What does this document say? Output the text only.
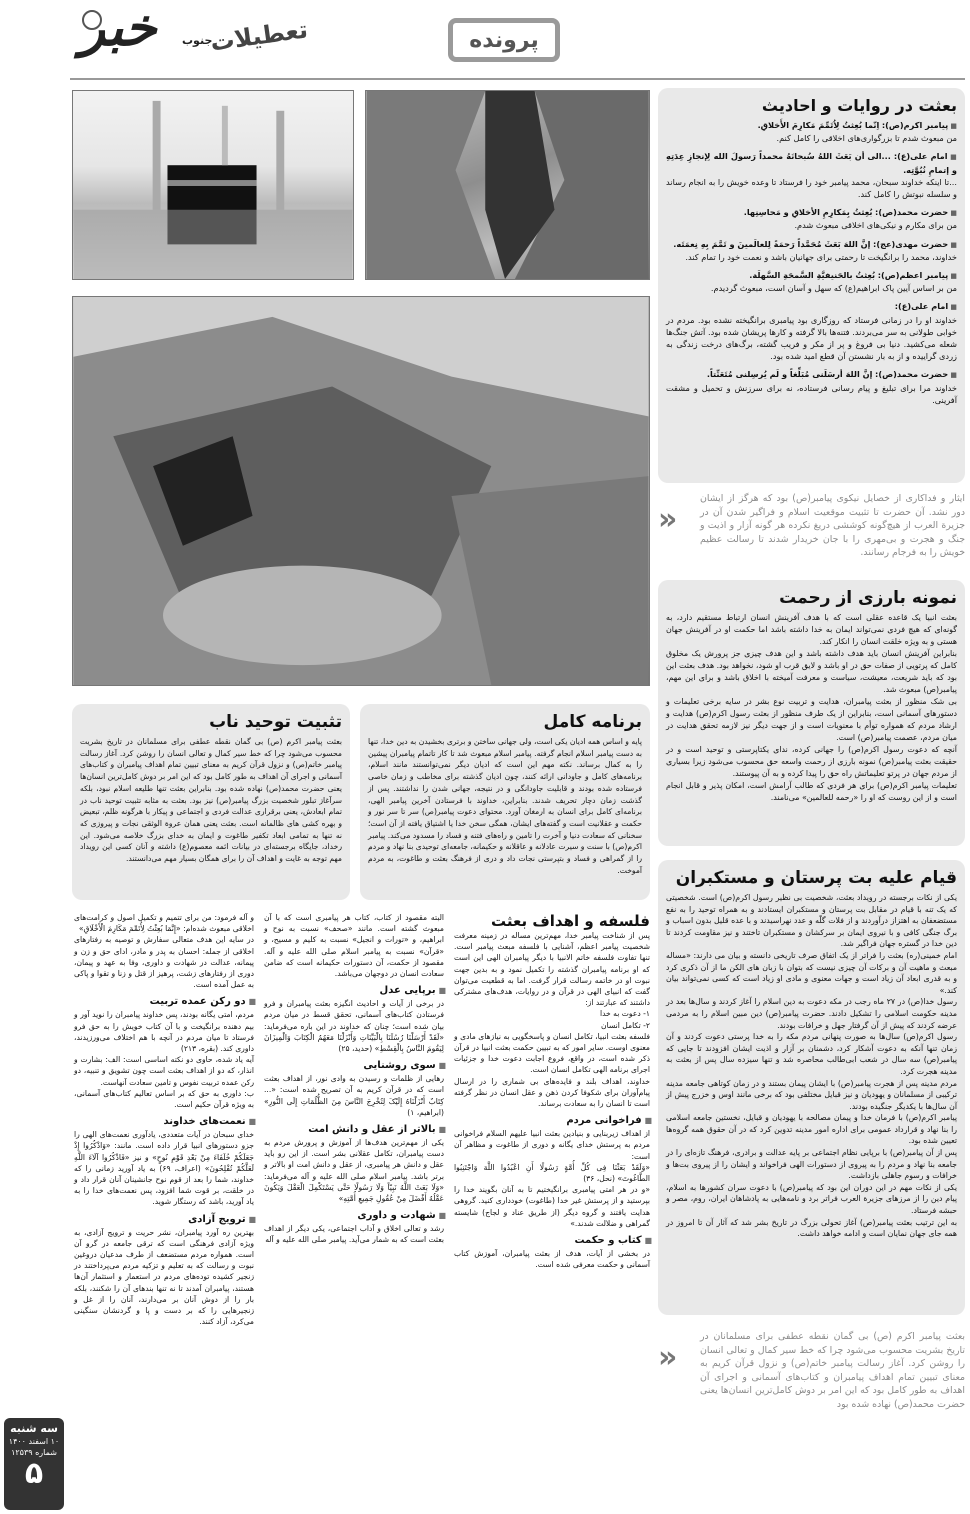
خبر جنوب
تعطیلات	پرونده
بعثت در روایات و احادیث
■ پیامبر اکرم(ص): اِنّما بُعِثتُ لِاُتَمِّمَ مَکارِمَ الأَخلاقِ.
من مبعوث شدم تا بزرگواری‌های اخلاقی را کامل کنم.
■ امام علی(ع): ...الی أن بَعَثَ اللهُ سُبحانَهُ محمداً رَسولَ الله لِإنجازِ عِدَتِهِ و إتمامِ نُبُوَّتِه.
...تا اینکه خداوند سبحان، محمد پیامبر خود را فرستاد تا وعده خویش را به انجام رساند و سلسله نبوتش را کامل کند.
■ حضرت محمد(ص): بُعِثتُ بِمَکارِمِ الأخلاقِ و مَحاسِنِها.
من برای مکارم و نیکی‌های اخلاقی مبعوث شدم.
■ حضرت مهدی(عج): إنَّ اللهَ بَعَثَ مُحَمَّداً رَحمَةً لِلعالَمینَ و تَمَّمَ بِهِ نِعمَتَه.
خداوند، محمد را برانگیخت تا رحمتی برای جهانیان باشد و نعمت خود را تمام کند.
■ پیامبر اعظم(ص): بُعِثتُ بالحَنیفیَّةِ السَّمحَةِ السَّهلَة.
من بر اساس آیین پاک ابراهیم(ع) که سهل و آسان است، مبعوث گردیدم.
■ امام علی(ع):
خداوند او را در زمانی فرستاد که روزگاری بود پیامبری برانگیخته نشده بود. مردم در خوابی طولانی به سر می‌بردند. فتنه‌ها بالا گرفته و کارها پریشان شده بود. آتش جنگ‌ها شعله می‌کشید. دنیا بی فروغ و پر از مکر و فریب گشته، برگ‌های درخت زندگی به زردی گراییده و از به بار نشستن آن قطع امید شده بود.
■ حضرت محمد(ص): إنَّ اللهَ أرسَلَنی مُبَلِّغاً و لَم یُرسِلنی مُتَعَنِّتاً.
خداوند مرا برای تبلیغ و پیام رسانی فرستاده، نه برای سرزنش و تحمیل و مشقت آفرینی.
«
ایثار و فداکاری از خصایل نیکوی پیامبر(ص) بود که هرگز از ایشان دور نشد. آن حضرت تا تثبیت موقعیت اسلام و فراگیر شدن آن در جزیرة العرب از هیچ‌گونه کوششی دریغ نکرده هر گونه آزار و اذیت و جنگ و هجرت و بی‌مهری را با جان خریدار شدند تا رسالت عظیم خویش را به فرجام رسانند.
نمونه بارزی از رحمت

بعثت انبیا یک قاعده عقلی است که با هدف آفرینش انسان ارتباط مستقیم دارد، به گونه‌ای که هیچ فردی نمی‌تواند ایمان به خدا داشته باشد اما حکمت او در آفرینش جهان هستی و به ویژه خلقت انسان را انکار کند.
بنابراین آفرینش انسان باید هدف داشته باشد و این هدف چیزی جز پرورش یک مخلوق کامل که پرتویی از صفات حق در او باشد و لایق قرب او شود، نخواهد بود. هدف بعثت این بود که باید شریعت، معیشت، سیاست و معرفت آمیخته با اخلاق باشد و برای این مهم، پیامبر(ص) مبعوث شد.
بی شک منظور از بعثت پیامبران، هدایت و تربیت نوع بشر در سایه برخی تعلیمات و دستورهای آسمانی است، بنابراین از یک طرف منظور از بعثت رسول اکرم(ص) هدایت و ارشاد مردم که همواره توأم با معنویات است و از جهت دیگر نیز لازمه تحقق هدایت در میان مردم، عصمت پیامبر(ص) است.
آنچه که دعوت رسول اکرم(ص) را جهانی کرده، ندای یکتاپرستی و توحید است و در حقیقت بعثت پیامبر(ص) نمونه بارزی از رحمت واسعه حق محسوب می‌شود زیرا بسیاری از مردم جهان در پرتو تعلیماتش راه حق را پیدا کرده و به آن پیوستند.
تعلیمات پیامبر اکرم(ص) برای هر فردی که طالب آرامش است، امکان پذیر و قابل انجام است و از این روست که او را «رحمه للعالمین» می‌نامند.

تثبیت توحید ناب

بعثت پیامبر اکرم (ص) بی گمان نقطه عطفی برای مسلمانان در تاریخ بشریت محسوب می‌شود چرا که خط سیر کمال و تعالی انسان را روشن کرد. آغاز رسالت پیامبر خاتم(ص) و نزول قرآن کریم به معنای تبیین تمام اهداف پیامبران و کتاب‌های آسمانی و اجرای آن اهداف به طور کامل بود که این امر بر دوش کامل‌ترین انسان‌ها یعنی حضرت محمد(ص) نهاده شده بود. بنابراین بعثت تنها طلیعه اسلام نبود، بلکه سرآغاز تبلور شخصیت بزرگ پیامبر(ص) نیز بود. بعثت به مثابه تثبیت توحید ناب در تمام ابعادش، یعنی برقراری عدالت فردی و اجتماعی و پیکار با هرگونه ظلم، تبعیض و بهره کشی های ظالمانه است. بعثت یعنی همان عروة الوثقی نجات و پیروزی که نه تنها به تمامی ابعاد تکفیر طاغوت و ایمان به خدای بزرگ خلاصه می‌شود. این رخداد، جایگاه برجسته‌ای در بیانات ائمه معصوم(ع) داشته و آنان کسی این رویداد مهم توجه به غایت و اهداف آن را برای همگان بسیار مهم می‌دانستند.

برنامه کامل

پایه و اساس همه ادیان یکی است، ولی جهانی ساختن و برتری بخشیدن به دین خدا، تنها به دست پیامبر اسلام انجام گرفته. پیامبر اسلام مبعوث شد تا کار تاتمام پیامبران پیشین را به کمال برساند. نکته مهم این است که ادیان دیگر نمی‌توانستند مانند اسلام، برنامه‌های کامل و جاودانی ارائه کنند، چون ادیان گذشته برای مخاطب و زمان خاصی فرستاده شده بودند و قابلیت جاودانگی و در نتیجه، جهانی شدن را نداشتند. پس از گذشت زمان دچار تحریف شدند. بنابراین، خداوند با فرستادن آخرین پیامبر الهی، برنامه‌ای کامل برای انسان به ارمغان آورد. محتوای دعوت پیامبر(ص) سر تا سر نور و حکمت و عقلانیت است و گفته‌های ایشان، همگی سخن خدا یا اشتیاق یافته از آن است؛ سخنانی که سعادت دنیا و آخرت را تامین و راه‌های فتنه و فساد را مسدود می‌کند. پیامبر اکرم(ص) با سنت و سیرت عادلانه و عاقلانه و حکیمانه، جامعه‌ای توحیدی بنا نهاد و مردم را از گمراهی و فساد و بتپرستی نجات داد و دری از فرهنگ بعثت و طاغوت، به مردم آموخت.	قیام علیه بت پرستان و مستکبران

یکی از نکات برجسته در رویداد بعثت، شخصیت بی نظیر رسول اکرم(ص) است. شخصیتی که یک تنه با قیام در مقابل بت پرستان و مستکبران ایستادند و به همراه توحید را به نفع مستضعفان به اهتزاز درآوردند و از فلات گلّه و عدد نهراسیدند و با عده قلیل بدون اسباب و برگ جنگی کافی و با نیروی ایمان بر سرکشان و مستکبران تاختند و نیز مقاومت کردند تا دین خدا در گستره جهان فراگیر شد.
امام خمینی(ره) بعثت را فراتر از یک اتفاق صرف تاریخی دانسته و بیان می دارند: «مساله مبعث و ماهیت آن و برکات آن چیزی نیست که بتوان با زبان های الکن ما از آن ذکری کرد و به قدری ابعاد آن زیاد است و جهات معنوی و مادی او زیاد است که کسی نمی‌تواند بیان کند.»
رسول خدا(ص) در ۲۷ ماه رجب در مکه دعوت به دین اسلام را آغاز کردند و سال‌ها بعد در مدینه حکومت اسلامی را تشکیل دادند. حضرت پیامبر(ص) دین مبین اسلام را به مردمی عرضه کردند که پیش از آن گرفتار جهل و خرافات بودند.
رسول اکرم(ص) سال‌ها به صورت پنهانی مردم مکه را به خدا پرستی دعوت کردند و آن زمان تنها آنکه به دعوت آشکار کرد، دشمنان بر آزار و اذیت ایشان افزودند تا جایی که پیامبر(ص) سه سال در شعب ابی‌طالب محاصره شد و تنها سیزده سال پس از بعثت به مدینه هجرت کرد.
مردم مدینه پس از هجرت پیامبر(ص) با ایشان پیمان بستند و در زمان کوتاهی جامعه مدینه ترکیبی از مسلمانان و یهودیان و نیز قبایل مختلفی بود که برخی مانند اوس و خزرج پیش از آن سال‌ها با یکدیگر جنگیده بودند.
پیامبر اکرم(ص) با فرمان خدا و پیمان مصالحه با یهودیان و قبایل، نخستین جامعه اسلامی را بنا نهاد و قرارداد عمومی برای اداره امور مدینه تدوین کرد که در آن حقوق همه گروه‌ها تعیین شده بود.
پس از آن پیامبر(ص) با برپایی نظام اجتماعی بر پایه عدالت و برادری، فرهنگ تازه‌ای را در جامعه بنا نهاد و مردم را به پیروی از دستورات الهی فراخواند و ایشان را از پیروی بت‌ها و خرافات و رسوم جاهلی بازداشت.
یکی از نکات مهم در این دوران این بود که پیامبر(ص) با دعوت سران کشورها به اسلام، پیام دین را از مرزهای جزیرة العرب فراتر برد و نامه‌هایی به پادشاهان ایران، روم، مصر و حبشه فرستاد.
به این ترتیب بعثت پیامبر(ص) آغاز تحولی بزرگ در تاریخ بشر شد که آثار آن تا امروز در همه جای جهان نمایان است و ادامه خواهد داشت.

«
بعثت پیامبر اکرم (ص) بی گمان نقطه عطفی برای مسلمانان در تاریخ بشریت محسوب می‌شود چرا که خط سیر کمال و تعالی انسان را روشن کرد. آغاز رسالت پیامبر خاتم(ص) و نزول قرآن کریم به معنای تبیین تمام اهداف پیامبران و کتاب‌های آسمانی و اجرای آن اهداف به طور کامل بود که این امر بر دوش کامل‌ترین انسان‌ها یعنی حضرت محمد(ص) نهاده شده بود
فلسفه و اهداف بعثت

پس از شناخت پیامبر خدا، مهم‌ترین مساله در زمینه معرفت شخصیت پیامبر اعظم، آشنایی با فلسفه مبعث پیامبر است. تنها تفاوت فلسفه خاتم الانبیا با دیگر پیامبران الهی این است که او برنامه پیامبران گذشته را تکمیل نمود و به بدین جهت نبوت او در خاتمه رسالت قرار گرفت. اما به قطعیت می‌توان گفت که انبیای الهی در قرآن و در روایات، هدف‌های مشترکی داشتند که عبارتند از:
۱- دعوت به خدا
۲- تکامل انسان
فلسفه بعثت انبیا، تکامل انسان و پاسخگویی به نیازهای مادی و معنوی اوست. سایر امور که به تبیین حکمت بعثت انبیا در قرآن ذکر شده است، در واقع، فروع اجابت دعوت خدا و جزئیات اجرای برنامه الهی تکامل انسان است.
خداوند، اهداف بلند و فایده‌های بی شماری را در ارسال پیام‌آوران برای شکوفا کردن ذهن و عقل انسان در نظر گرفته است تا انسان را به سعادت برساند.

■ فراخوانی مردم

از اهداف زیربنایی و بنیادین بعثت انبیا علیهم السلام فراخوانی مردم به پرستش خدای یگانه و دوری از طاغوت و مظاهر آن است:
«وَلَقَدْ بَعَثْنَا فِی کُلِّ أُمَّةٍ رَسُولًا أَنِ اعْبُدُوا اللَّهَ وَاجْتَنِبُوا الطَّاغُوتَ» (نحل، ۳۶)
«و در هر امتی پیامبری برانگیختیم تا به آنان بگویند خدا را بپرستید و از پرستش غیر خدا (طاغوت) خودداری کنید. گروهی هدایت یافتند و گروه دیگر (از طریق عناد و لجاج) شایسته گمراهی و ضلالت شدند.»

■ کتاب و حکمت

در بخشی از آیات، هدف از بعثت پیامبران، آموزش کتاب آسمانی و حکمت معرفی شده است.

البته مقصود از کتاب، کتاب هر پیامبری است که با آن مبعوث گشته است. مانند «صحف» نسبت به نوح و ابراهیم، و «تورات و انجیل» نسبت به کلیم و مسیح، و «قرآن» نسبت به پیامبر اسلام صلی الله علیه و آله. مقصود از حکمت، آن دستورات حکیمانه است که ضامن سعادت انسان در دوجهان می‌باشد.

■ برپایی عدل

در برخی از آیات و احادیث انگیزه بعثت پیامبران و فرو فرستادن کتاب‌های آسمانی، تحقق قسط در میان مردم بیان شده است؛ چنان که خداوند در این باره می‌فرماید: «لَقَدْ أَرْسَلْنَا رُسُلَنَا بِالْبَیِّنَاتِ وَأَنْزَلْنَا مَعَهُمُ الْکِتَابَ وَالْمِیزَانَ لِیَقُومَ النَّاسُ بِالْقِسْطِ» (حدید، ۲۵)

■ سوی روشنایی

رهایی از ظلمات و رسیدن به وادی نور، از اهداف بعثت است که در قرآن کریم به آن تصریح شده است: «... کِتَابٌ أَنْزَلْنَاهُ إِلَیْکَ لِتُخْرِجَ النَّاسَ مِنَ الظُّلُمَاتِ إِلَى النُّورِ» (ابراهیم، ۱)

■ بالاتر از عقل و دانش امت

یکی از مهم‌ترین هدف‌ها از آموزش و پرورش مردم به دست پیامبران، تکامل عقلانی بشر است. از این رو باید عقل و دانش هر پیامبری، از عقل و دانش امت او بالاتر و برتر باشد. پیامبر اسلام صلی الله علیه و آله می‌فرماید: «وَلَا بَعَثَ اللَّهُ نَبِیّاً وَلَا رَسُولًا حَتَّى یَسْتَکْمِلَ الْعَقْلَ وَیَکُونَ عَقْلُهُ أَفْضَلَ مِنْ عُقُولِ جَمِیعِ أُمَّتِهِ»

■ شهادت و داوری

رشد و تعالی اخلاق و آداب اجتماعی، یکی دیگر از اهداف بعثت است که به شمار می‌آید. پیامبر صلی الله علیه و آله

و آله فرمود: من برای تتمیم و تکمیل اصول و کرامت‌های اخلاقی مبعوث شده‌ام: «إِنَّمَا بُعِثْتُ لِأُتَمِّمَ مَکَارِمَ الْأَخْلَاقِ»
در سایه این هدف متعالی سفارش و توصیه به رفتارهای اخلاقی از جمله: احسان به پدر و مادر، ادای حق و زن و پیمانه، عدالت در شهادت و داوری، وفا به عهد و پیمان، دوری از رفتارهای زشت، پرهیز از قتل و زنا و تقوا و پاکی به عمل آمده است.

■ دو رکن عمده تربیت

مردم، امتی یگانه بودند، پس خداوند پیامبران را نوید آور و بیم دهنده برانگیخت و با آن کتاب خویش را به حق فرو فرستاد تا میان مردم در آنچه با هم اختلاف می‌ورزیدند، داوری کند. (بقره، ۲۱۳)
آیه یاد شده، حاوی دو نکته اساسی است: الف: بشارت و انذار، که دو از اهداف بعثت است چون تشویق و تنبیه، دو رکن عمده تربیت نفوس و تامین سعادت آنهاست.
ب: داوری به حق که بر اساس تعالیم کتاب‌های آسمانی، به ویژه قرآن حکیم است.

■ نعمت‌های خداوند

خدای سبحان در آیات متعددی، یادآوری نعمت‌های الهی را جزو دستورهای انبیا قرار داده است. مانند: «وَاذْکُرُوا إِذْ جَعَلَکُمْ خُلَفَاءَ مِنْ بَعْدِ قَوْمِ نُوحٍ» و نیز «فَاذْکُرُوا آلَاءَ اللَّهِ لَعَلَّکُمْ تُفْلِحُونَ» (اعراف، ۶۹) به یاد آورید زمانی را که خداوند، شما را بعد از قوم نوح جانشینان آنان قرار داد و در خلقت، بر قوت شما افزود، پس نعمت‌های خدا را به یاد آورید، باشد که رستگار شوید.

■ ترویج آزادی

بهترین ره آورد پیامبران، نشر حریت و ترویج آزادی، به ویژه آزادی فرهنگی است که ترقی جامعه در گرو آن است. همواره مردم مستضعف از طرف مدعیان دروغین نبوت و رسالت که به تعلیم و تزکیه مردم می‌پرداختند در زنجیر کشیده توده‌های مردم در استعمار و استثمار آن‌ها هستند، پیامبران آمدند تا نه تنها بندهای آن را شکنند، بلکه بار را از دوش آنان بر می‌دارند، آنان را از غل و زنجیرهایی را که بر دست و پا و گردنشان سنگینی می‌کرد، آزاد کنند.

سه شنبه
۱۰ اسفند ۱۴۰۰
شماره ۱۲۵۳۹
۵
